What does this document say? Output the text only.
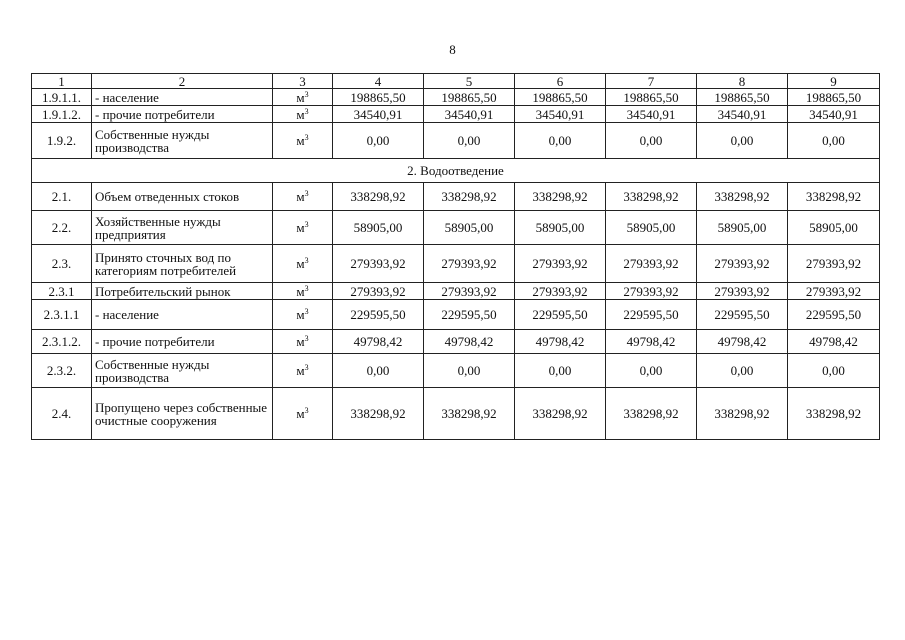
8
1	2	3	4	5	6	7	8	9
1.9.1.1.	- население	$м^3$	198865,50	198865,50	198865,50	198865,50	198865,50	198865,50
1.9.1.2.	- прочие потребители	$м^3$	34540,91	34540,91	34540,91	34540,91	34540,91	34540,91
1.9.2.	Собственные нужды производства	$м^3$	0,00	0,00	0,00	0,00	0,00	0,00
2. Водоотведение								
2.1.	Объем отведенных стоков	$м^3$	338298,92	338298,92	338298,92	338298,92	338298,92	338298,92
2.2.	Хозяйственные нужды предприятия	$м^3$	58905,00	58905,00	58905,00	58905,00	58905,00	58905,00
2.3.	Принято сточных вод по категориям потребителей	$м^3$	279393,92	279393,92	279393,92	279393,92	279393,92	279393,92
2.3.1	Потребительский рынок	$м^3$	279393,92	279393,92	279393,92	279393,92	279393,92	279393,92
2.3.1.1	- население	$м^3$	229595,50	229595,50	229595,50	229595,50	229595,50	229595,50
2.3.1.2.	- прочие потребители	$м^3$	49798,42	49798,42	49798,42	49798,42	49798,42	49798,42
2.3.2.	Собственные нужды производства	$м^3$	0,00	0,00	0,00	0,00	0,00	0,00
2.4.	Пропущено через собственные очистные сооружения	$м^3$	338298,92	338298,92	338298,92	338298,92	338298,92	338298,92
